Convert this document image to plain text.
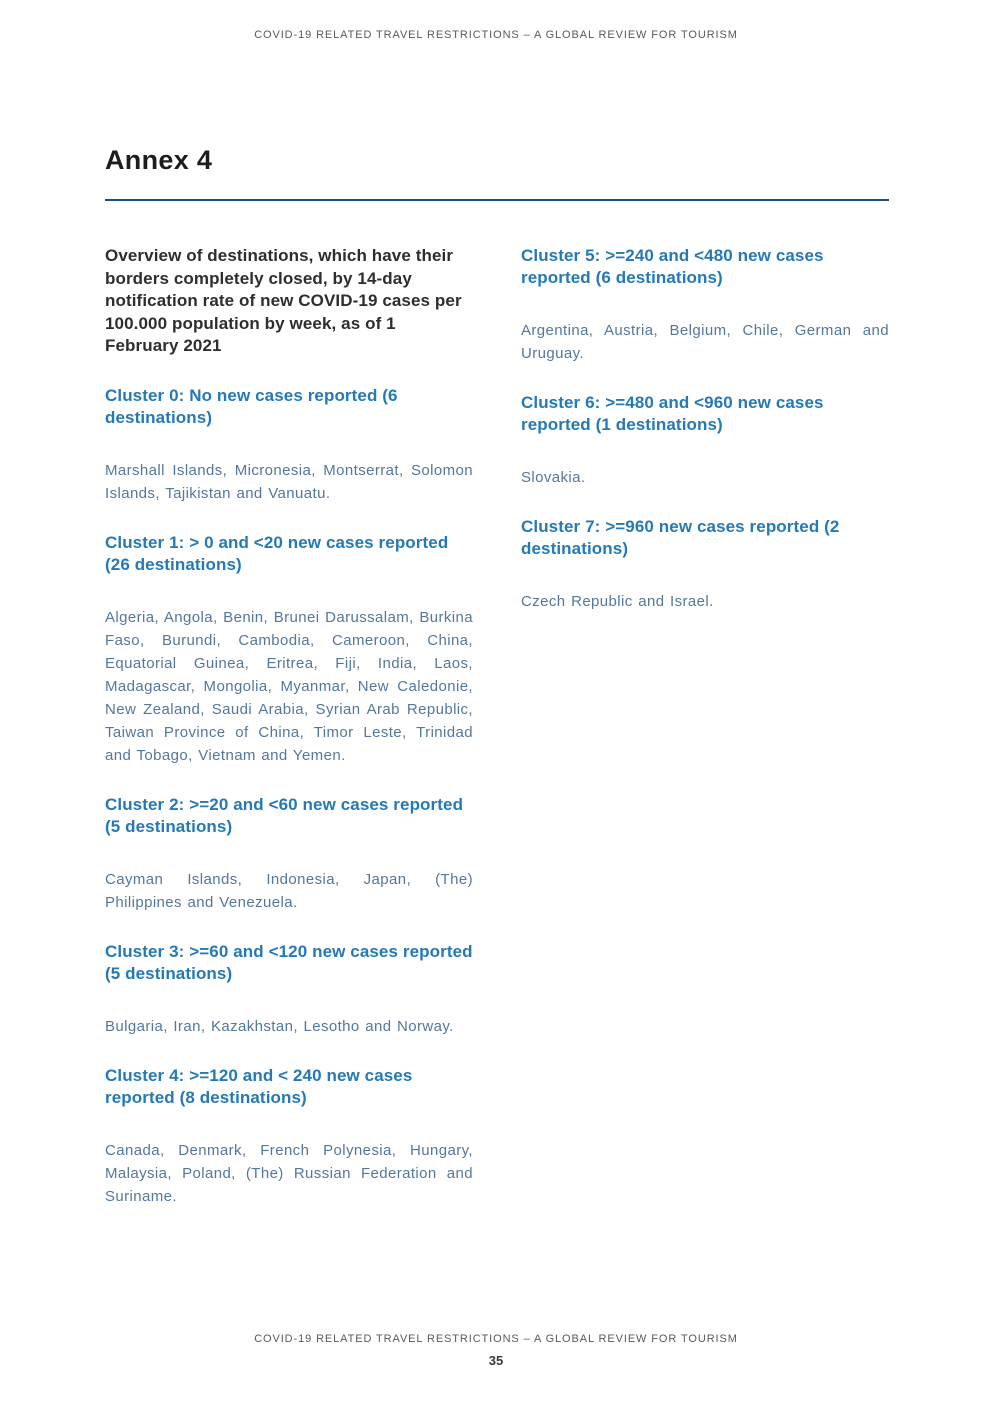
COVID-19 RELATED TRAVEL RESTRICTIONS – A GLOBAL REVIEW FOR TOURISM
Annex 4

Overview of destinations, which have their borders completely closed, by 14-day notification rate of new COVID-19 cases per 100.000 population by week, as of 1 February 2021

Cluster 0: No new cases reported (6 destinations)

Marshall Islands, Micronesia, Montserrat, Solomon Islands, Tajikistan and Vanuatu.

Cluster 1: > 0 and <20 new cases reported (26 destinations)

Algeria, Angola, Benin, Brunei Darussalam, Burkina Faso, Burundi, Cambodia, Cameroon, China, Equatorial Guinea, Eritrea, Fiji, India, Laos, Madagascar, Mongolia, Myanmar, New Caledonie, New Zealand, Saudi Arabia, Syrian Arab Republic, Taiwan Province of China, Timor Leste, Trinidad and Tobago, Vietnam and Yemen.

Cluster 2: >=20 and <60 new cases reported (5 destinations)

Cayman Islands, Indonesia, Japan, (The) Philippines and Venezuela.

Cluster 3: >=60 and <120 new cases reported (5 destinations)

Bulgaria, Iran, Kazakhstan, Lesotho and Norway.

Cluster 4: >=120 and < 240 new cases reported (8 destinations)

Canada, Denmark, French Polynesia, Hungary, Malaysia, Poland, (The) Russian Federation and Suriname.

Cluster 5: >=240 and <480 new cases reported (6 destinations)

Argentina, Austria, Belgium, Chile, German and Uruguay.

Cluster 6: >=480 and <960 new cases reported (1 destinations)

Slovakia.

Cluster 7: >=960 new cases reported (2 destinations)

Czech Republic and Israel.

COVID-19 RELATED TRAVEL RESTRICTIONS – A GLOBAL REVIEW FOR TOURISM
35
